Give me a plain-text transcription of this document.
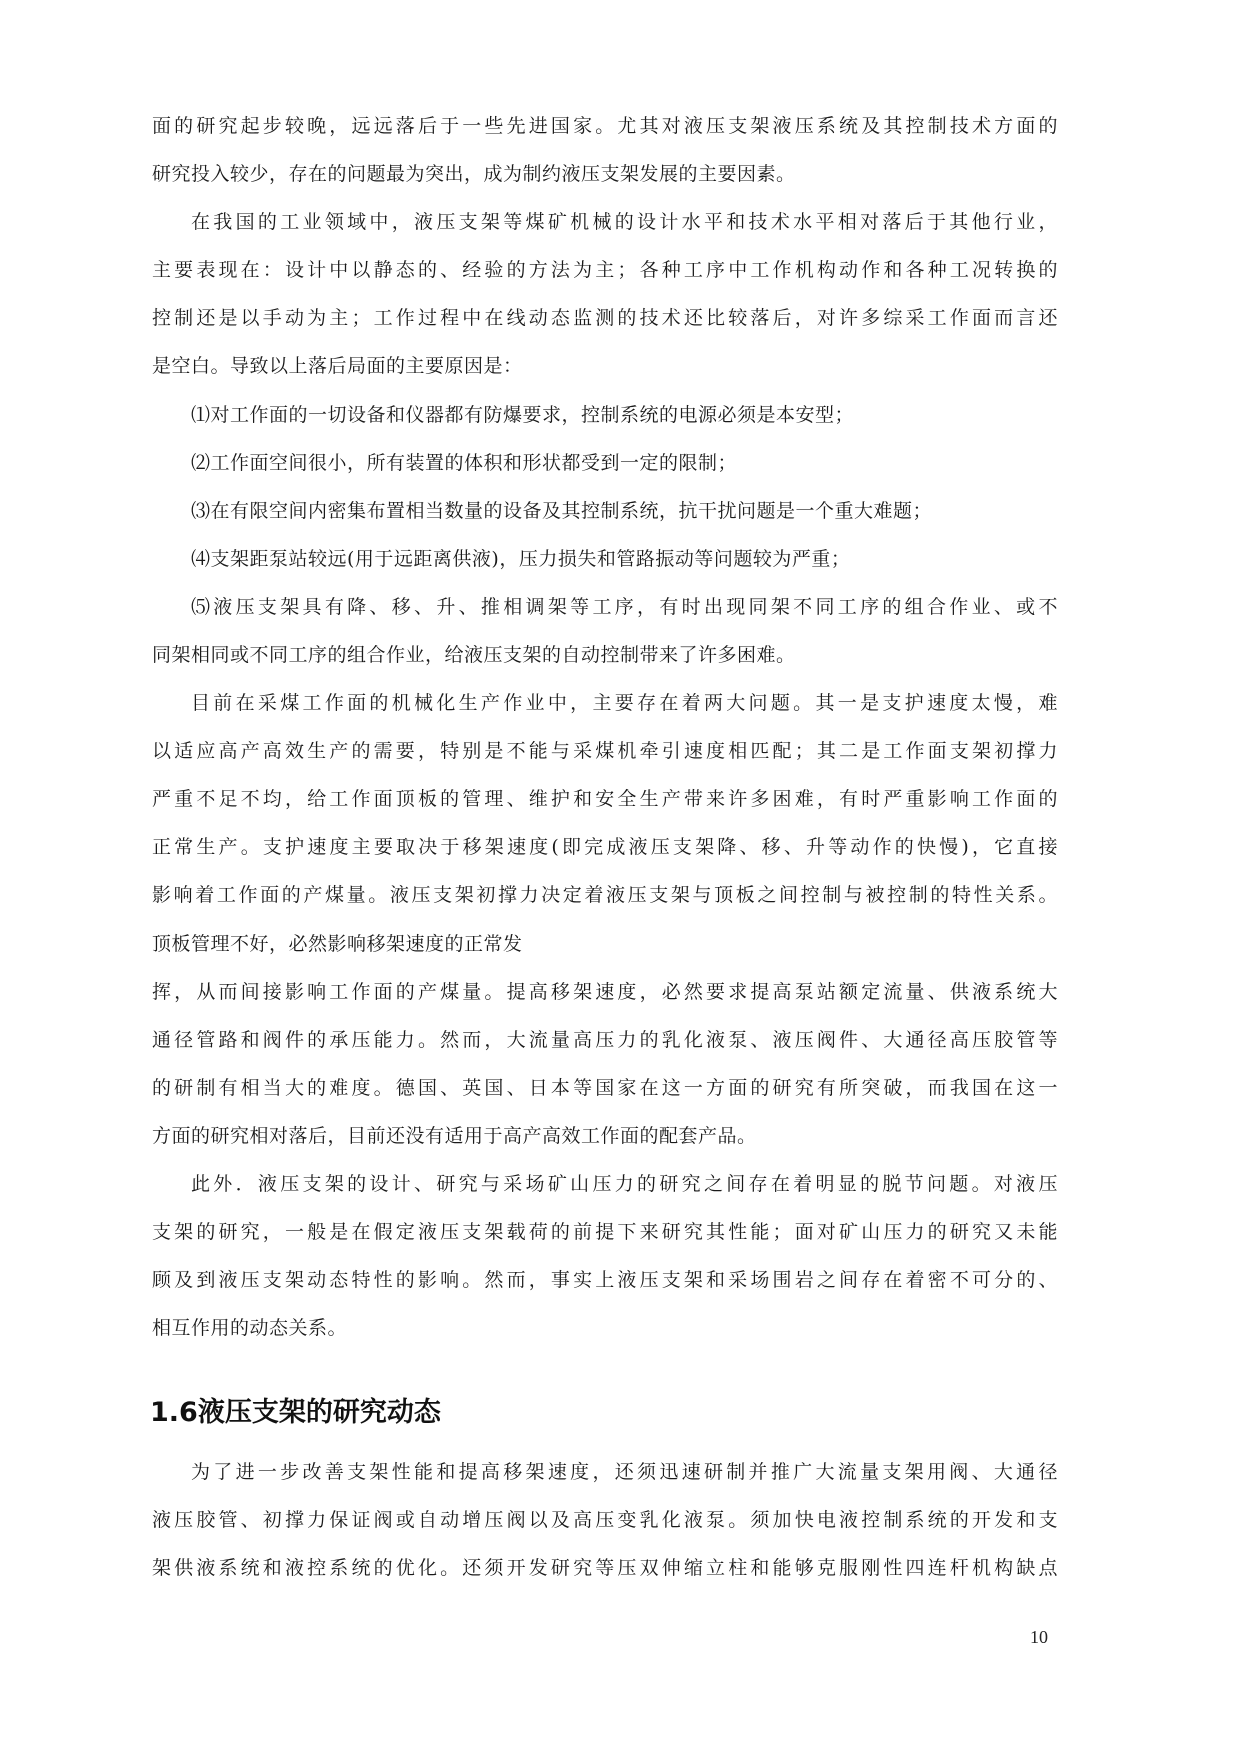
面的研究起步较晚，远远落后于一些先进国家。尤其对液压支架液压系统及其控制技术方面的
研究投入较少，存在的问题最为突出，成为制约液压支架发展的主要因素。
在我国的工业领域中，液压支架等煤矿机械的设计水平和技术水平相对落后于其他行业，
主要表现在：设计中以静态的、经验的方法为主；各种工序中工作机构动作和各种工况转换的
控制还是以手动为主；工作过程中在线动态监测的技术还比较落后，对许多综采工作面而言还
是空白。导致以上落后局面的主要原因是：
⑴对工作面的一切设备和仪器都有防爆要求，控制系统的电源必须是本安型；
⑵工作面空间很小，所有装置的体积和形状都受到一定的限制；
⑶在有限空间内密集布置相当数量的设备及其控制系统，抗干扰问题是一个重大难题；
⑷支架距泵站较远(用于远距离供液)，压力损失和管路振动等问题较为严重；
⑸液压支架具有降、移、升、推相调架等工序，有时出现同架不同工序的组合作业、或不
同架相同或不同工序的组合作业，给液压支架的自动控制带来了许多困难。
目前在采煤工作面的机械化生产作业中，主要存在着两大问题。其一是支护速度太慢，难
以适应高产高效生产的需要，特别是不能与采煤机牵引速度相匹配；其二是工作面支架初撑力
严重不足不均，给工作面顶板的管理、维护和安全生产带来许多困难，有时严重影响工作面的
正常生产。支护速度主要取决于移架速度(即完成液压支架降、移、升等动作的快慢)，它直接
影响着工作面的产煤量。液压支架初撑力决定着液压支架与顶板之间控制与被控制的特性关系。
顶板管理不好，必然影响移架速度的正常发
挥，从而间接影响工作面的产煤量。提高移架速度，必然要求提高泵站额定流量、供液系统大
通径管路和阀件的承压能力。然而，大流量高压力的乳化液泵、液压阀件、大通径高压胶管等
的研制有相当大的难度。德国、英国、日本等国家在这一方面的研究有所突破，而我国在这一
方面的研究相对落后，目前还没有适用于高产高效工作面的配套产品。
此外．液压支架的设计、研究与采场矿山压力的研究之间存在着明显的脱节问题。对液压
支架的研究，一般是在假定液压支架载荷的前提下来研究其性能；面对矿山压力的研究又未能
顾及到液压支架动态特性的影响。然而，事实上液压支架和采场围岩之间存在着密不可分的、
相互作用的动态关系。
1.6液压支架的研究动态
为了进一步改善支架性能和提高移架速度，还须迅速研制并推广大流量支架用阀、大通径
液压胶管、初撑力保证阀或自动增压阀以及高压变乳化液泵。须加快电液控制系统的开发和支
架供液系统和液控系统的优化。还须开发研究等压双伸缩立柱和能够克服刚性四连杆机构缺点
10
